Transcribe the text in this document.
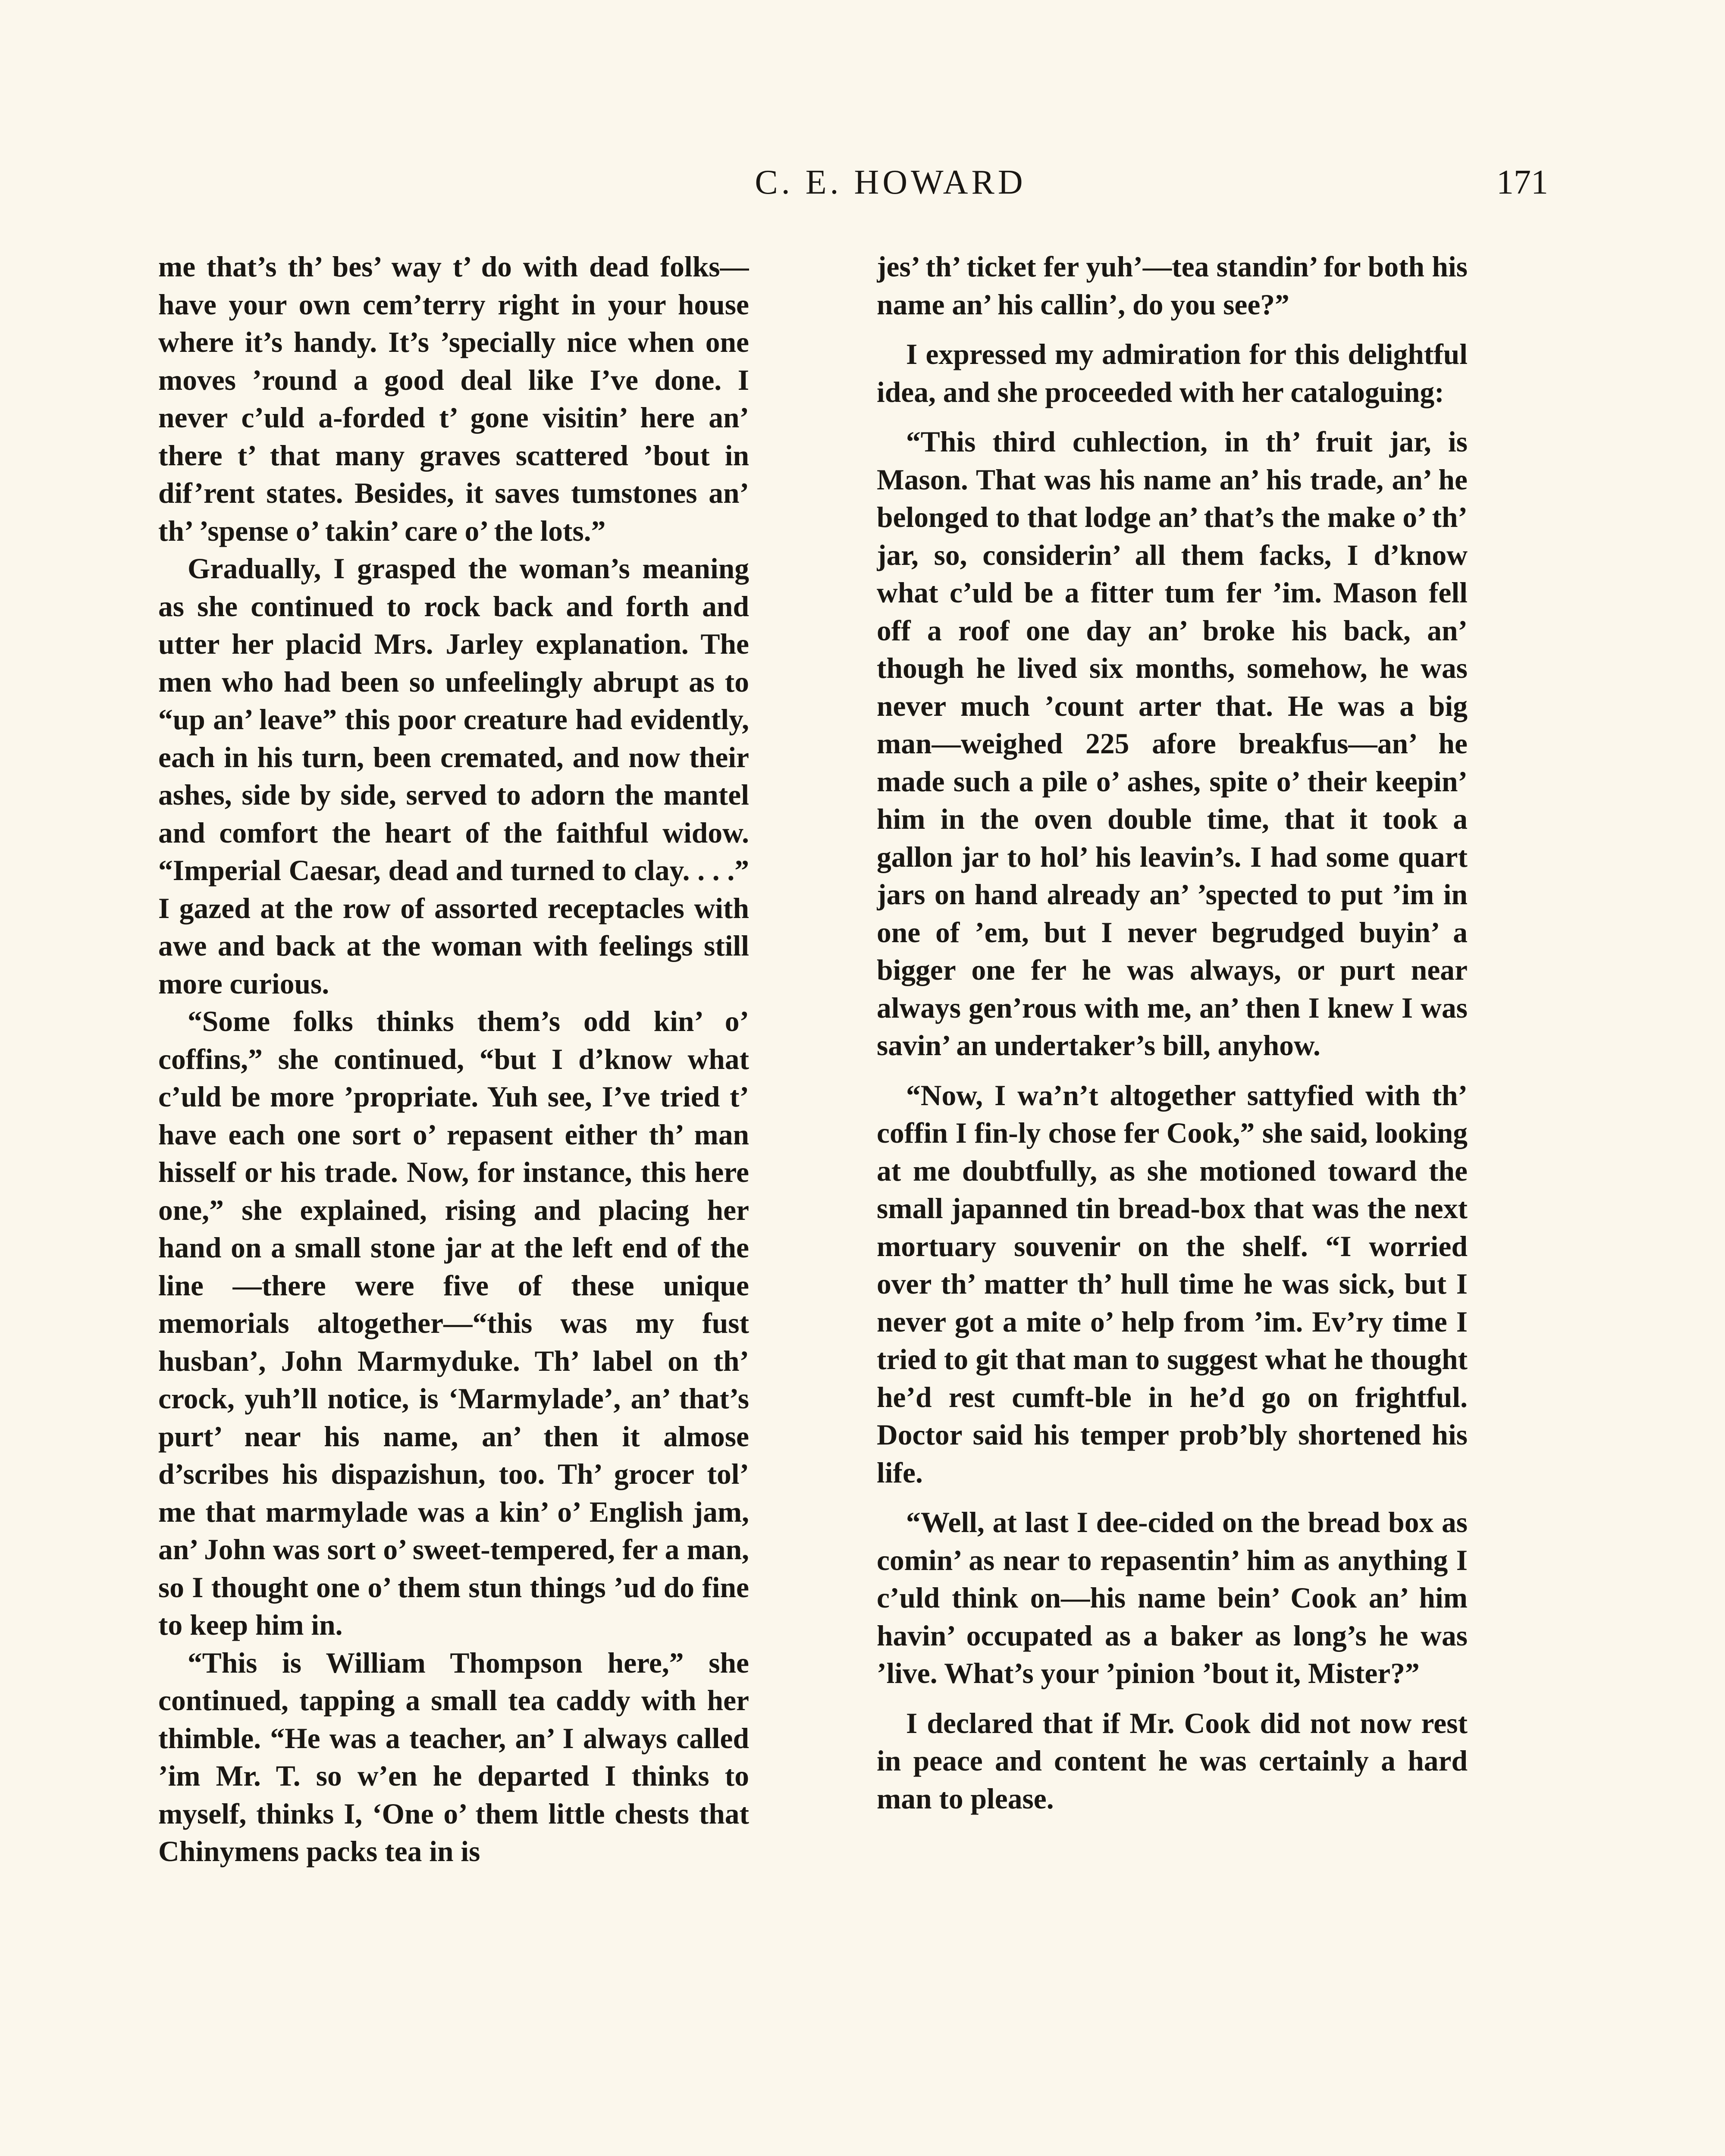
C. E. HOWARD	171

me that’s th’ bes’ way t’ do with dead folks—have your own cem’terry right in your house where it’s handy. It’s ’specially nice when one moves ’round a good deal like I’ve done. I never c’uld a-forded t’ gone visitin’ here an’ there t’ that many graves scattered ’bout in dif’rent states. Besides, it saves tumstones an’ th’ ’spense o’ takin’ care o’ the lots.”

Gradually, I grasped the woman’s meaning as she continued to rock back and forth and utter her placid Mrs. Jarley explanation. The men who had been so unfeelingly abrupt as to “up an’ leave” this poor creature had evidently, each in his turn, been cremated, and now their ashes, side by side, served to adorn the mantel and comfort the heart of the faithful widow. “Imperial Caesar, dead and turned to clay. . . .” I gazed at the row of assorted receptacles with awe and back at the woman with feelings still more curious.

“Some folks thinks them’s odd kin’ o’ coffins,” she continued, “but I d’know what c’uld be more ’propriate. Yuh see, I’ve tried t’ have each one sort o’ repasent either th’ man hisself or his trade. Now, for instance, this here one,” she explained, rising and placing her hand on a small stone jar at the left end of the line —there were five of these unique memorials altogether—“this was my fust husban’, John Marmyduke. Th’ label on th’ crock, yuh’ll notice, is ‘Marmylade’, an’ that’s purt’ near his name, an’ then it almose d’scribes his dispazishun, too. Th’ grocer tol’ me that marmylade was a kin’ o’ English jam, an’ John was sort o’ sweet-tempered, fer a man, so I thought one o’ them stun things ’ud do fine to keep him in.

“This is William Thompson here,” she continued, tapping a small tea caddy with her thimble. “He was a teacher, an’ I always called ’im Mr. T. so w’en he departed I thinks to myself, thinks I, ‘One o’ them little chests that Chinymens packs tea in is

jes’ th’ ticket fer yuh’—tea standin’ for both his name an’ his callin’, do you see?”

I expressed my admiration for this delightful idea, and she proceeded with her cataloguing:

“This third cuhlection, in th’ fruit jar, is Mason. That was his name an’ his trade, an’ he belonged to that lodge an’ that’s the make o’ th’ jar, so, considerin’ all them facks, I d’know what c’uld be a fitter tum fer ’im. Mason fell off a roof one day an’ broke his back, an’ though he lived six months, somehow, he was never much ’count arter that. He was a big man—weighed 225 afore breakfus—an’ he made such a pile o’ ashes, spite o’ their keepin’ him in the oven double time, that it took a gallon jar to hol’ his leavin’s. I had some quart jars on hand already an’ ’spected to put ’im in one of ’em, but I never begrudged buyin’ a bigger one fer he was always, or purt near always gen’rous with me, an’ then I knew I was savin’ an undertaker’s bill, anyhow.

“Now, I wa’n’t altogether sattyfied with th’ coffin I fin-ly chose fer Cook,” she said, looking at me doubtfully, as she motioned toward the small japanned tin bread-box that was the next mortuary souvenir on the shelf. “I worried over th’ matter th’ hull time he was sick, but I never got a mite o’ help from ’im. Ev’ry time I tried to git that man to suggest what he thought he’d rest cumft-ble in he’d go on frightful. Doctor said his temper prob’bly shortened his life.

“Well, at last I dee-cided on the bread box as comin’ as near to repasentin’ him as anything I c’uld think on—his name bein’ Cook an’ him havin’ occupated as a baker as long’s he was ’live. What’s your ’pinion ’bout it, Mister?”

I declared that if Mr. Cook did not now rest in peace and content he was certainly a hard man to please.
